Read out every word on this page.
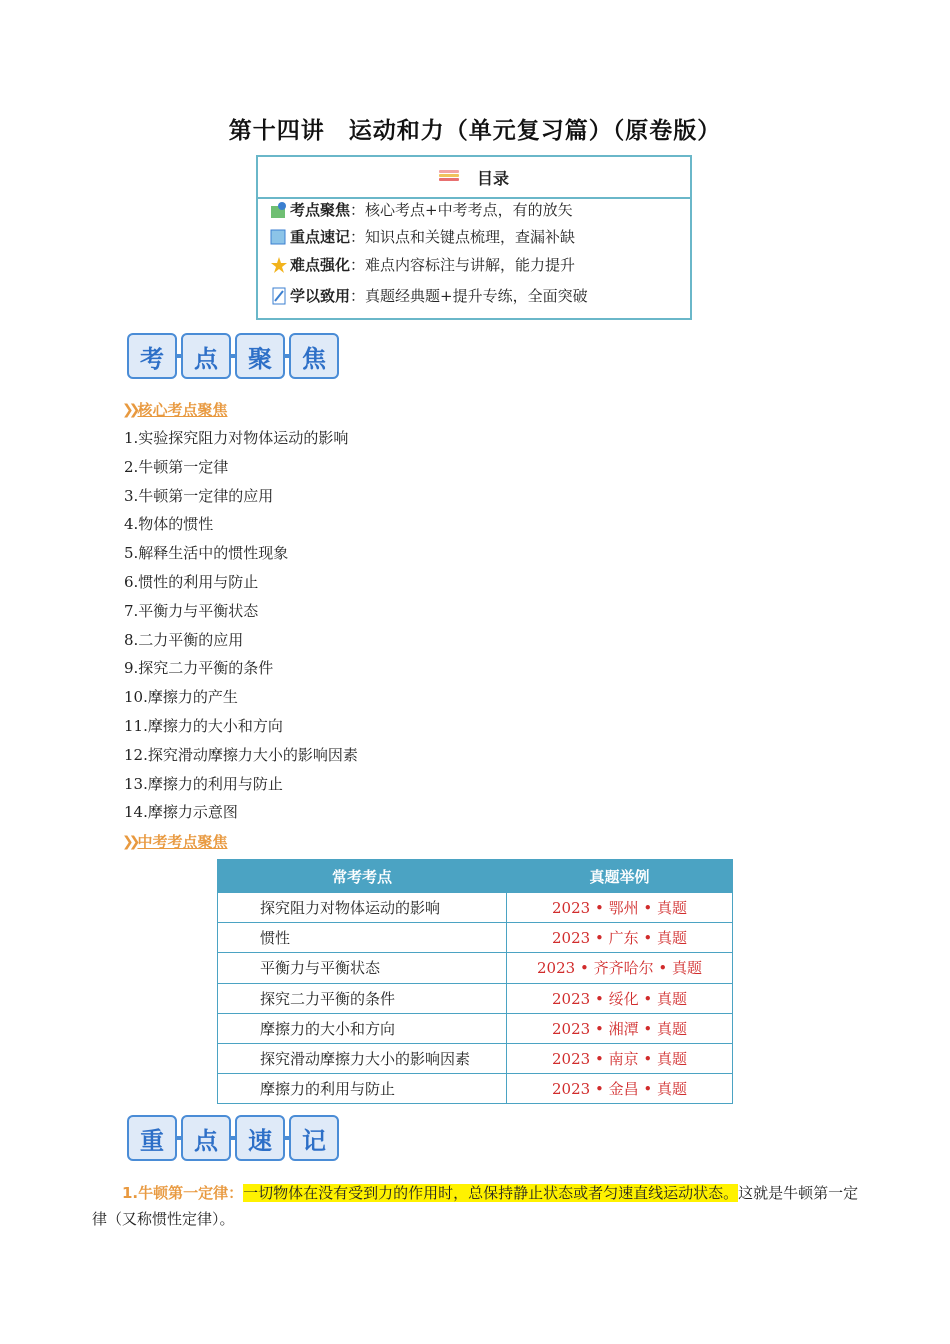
第十四讲　运动和力（单元复习篇）（原卷版）
目录
考点聚焦 ：核心考点+中考考点，有的放矢
重点速记 ：知识点和关键点梳理，查漏补缺
难点强化 ：难点内容标注与讲解，能力提升
学以致用 ：真题经典题+提升专练，全面突破
考	点	聚	焦
❯❯ 核心考点聚焦
1.实验探究阻力对物体运动的影响
2.牛顿第一定律
3.牛顿第一定律的应用
4.物体的惯性
5.解释生活中的惯性现象
6.惯性的利用与防止
7.平衡力与平衡状态
8.二力平衡的应用
9.探究二力平衡的条件
10.摩擦力的产生
11.摩擦力的大小和方向
12.探究滑动摩擦力大小的影响因素
13.摩擦力的利用与防止
14.摩擦力示意图
❯❯ 中考考点聚焦
常考考点	真题举例
探究阻力对物体运动的影响	2023 • 鄂州 • 真题
惯性	2023 • 广东 • 真题
平衡力与平衡状态	2023 • 齐齐哈尔 • 真题
探究二力平衡的条件	2023 • 绥化 • 真题
摩擦力的大小和方向	2023 • 湘潭 • 真题
探究滑动摩擦力大小的影响因素	2023 • 南京 • 真题
摩擦力的利用与防止	2023 • 金昌 • 真题
重	点	速	记
1.牛顿第一定律：一切物体在没有受到力的作用时，总保持静止状态或者匀速直线运动状态。这就是牛顿第一定律（又称惯性定律）。
